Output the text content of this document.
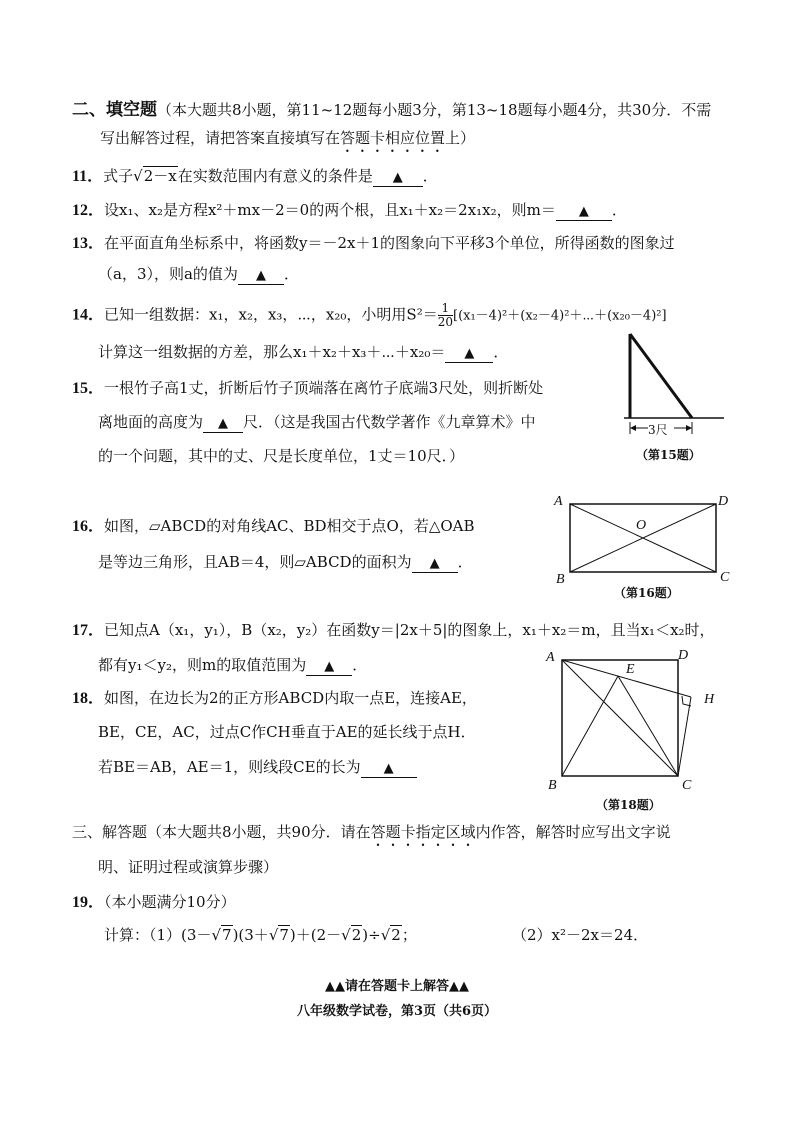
二、填空题（本大题共8小题，第11~12题每小题3分，第13~18题每小题4分，共30分．不需
写出解答过程，请把答案直接填写在答题卡相应位置上）
11．式子√2－x在实数范围内有意义的条件是 ▲ ．
12．设x₁、x₂是方程x²＋mx－2＝0的两个根，且x₁＋x₂＝2x₁x₂，则m＝ ▲ ．
13．在平面直角坐标系中，将函数y＝－2x＋1的图象向下平移3个单位，所得函数的图象过
（a，3），则a的值为 ▲ ．
14．已知一组数据：x₁，x₂，x₃，⋯，x₂₀，小明用$S^2= \frac{1}{20}$ [(x₁－4)²＋(x₂－4)²＋⋯＋(x₂₀－4)²]
计算这一组数据的方差，那么x₁＋x₂＋x₃＋⋯＋x₂₀＝ ▲ ．
15．一根竹子高1丈，折断后竹子顶端落在离竹子底端3尺处，则折断处
离地面的高度为 ▲ 尺．（这是我国古代数学著作《九章算术》中
的一个问题，其中的丈、尺是长度单位，1丈＝10尺．）
3尺
（第15题）
16．如图，▱ABCD的对角线AC、BD相交于点O，若△OAB
是等边三角形，且AB＝4，则▱ABCD的面积为 ▲ ．
A	D
O
B	C
（第16题）
17．已知点A（x₁，y₁），B（x₂，y₂）在函数y＝|2x＋5|的图象上，x₁＋x₂＝m，且当x₁＜x₂时，
都有y₁＜y₂，则m的取值范围为 ▲ ．
18．如图，在边长为2的正方形ABCD内取一点E，连接AE，
BE，CE，AC，过点C作CH垂直于AE的延长线于点H．
若BE＝AB，AE＝1，则线段CE的长为 ▲
A	D
E
H
B	C
（第18题）
三、解答题（本大题共8小题，共90分．请在答题卡指定区域内作答，解答时应写出文字说
明、证明过程或演算步骤）
19．（本小题满分10分）
计算：（1）(3－√7)(3＋√7)＋(2－√2)÷√2；	（2）x²－2x＝24．
▲▲请在答题卡上解答▲▲
八年级数学试卷，第3页（共6页）
